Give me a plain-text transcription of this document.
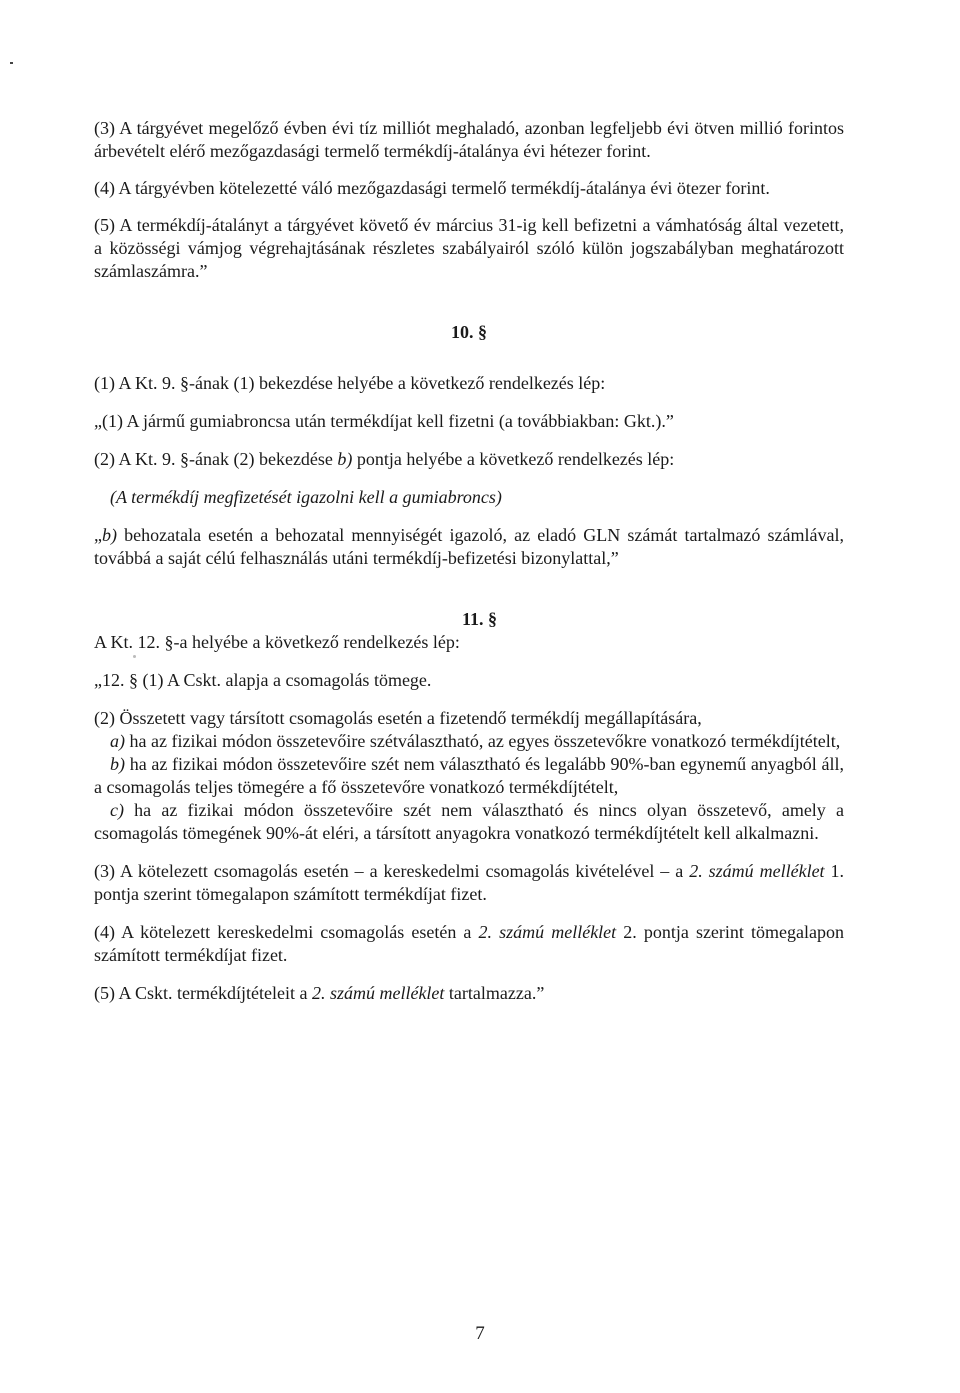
(3) A tárgyévet megelőző évben évi tíz milliót meghaladó, azonban legfeljebb évi ötven millió forintos árbevételt elérő mezőgazdasági termelő termékdíj-átalánya évi hétezer forint.

(4) A tárgyévben kötelezetté váló mezőgazdasági termelő termékdíj-átalánya évi ötezer forint.

(5) A termékdíj-átalányt a tárgyévet követő év március 31-ig kell befizetni a vámhatóság által vezetett, a közösségi vámjog végrehajtásának részletes szabályairól szóló külön jogszabályban meghatározott számlaszámra.”

10. §

(1) A Kt. 9. §-ának (1) bekezdése helyébe a következő rendelkezés lép:

„(1) A jármű gumiabroncsa után termékdíjat kell fizetni (a továbbiakban: Gkt.).”

(2) A Kt. 9. §-ának (2) bekezdése b) pontja helyébe a következő rendelkezés lép:

(A termékdíj megfizetését igazolni kell a gumiabroncs)

„b) behozatala esetén a behozatal mennyiségét igazoló, az eladó GLN számát tartalmazó számlával, továbbá a saját célú felhasználás utáni termékdíj-befizetési bizonylattal,”

11. §

A Kt. 12. §-a helyébe a következő rendelkezés lép:

„12. § (1) A Cskt. alapja a csomagolás tömege.

(2) Összetett vagy társított csomagolás esetén a fizetendő termékdíj megállapítására,

a) ha az fizikai módon összetevőire szétválasztható, az egyes összetevőkre vonatkozó termékdíjtételt,

b) ha az fizikai módon összetevőire szét nem választható és legalább 90%-ban egynemű anyagból áll, a csomagolás teljes tömegére a fő összetevőre vonatkozó termékdíjtételt,

c) ha az fizikai módon összetevőire szét nem választható és nincs olyan összetevő, amely a csomagolás tömegének 90%-át eléri, a társított anyagokra vonatkozó termékdíjtételt kell alkalmazni.

(3) A kötelezett csomagolás esetén – a kereskedelmi csomagolás kivételével – a 2. számú melléklet 1. pontja szerint tömegalapon számított termékdíjat fizet.

(4) A kötelezett kereskedelmi csomagolás esetén a 2. számú melléklet 2. pontja szerint tömegalapon számított termékdíjat fizet.

(5) A Cskt. termékdíjtételeit a 2. számú melléklet tartalmazza.”

7
